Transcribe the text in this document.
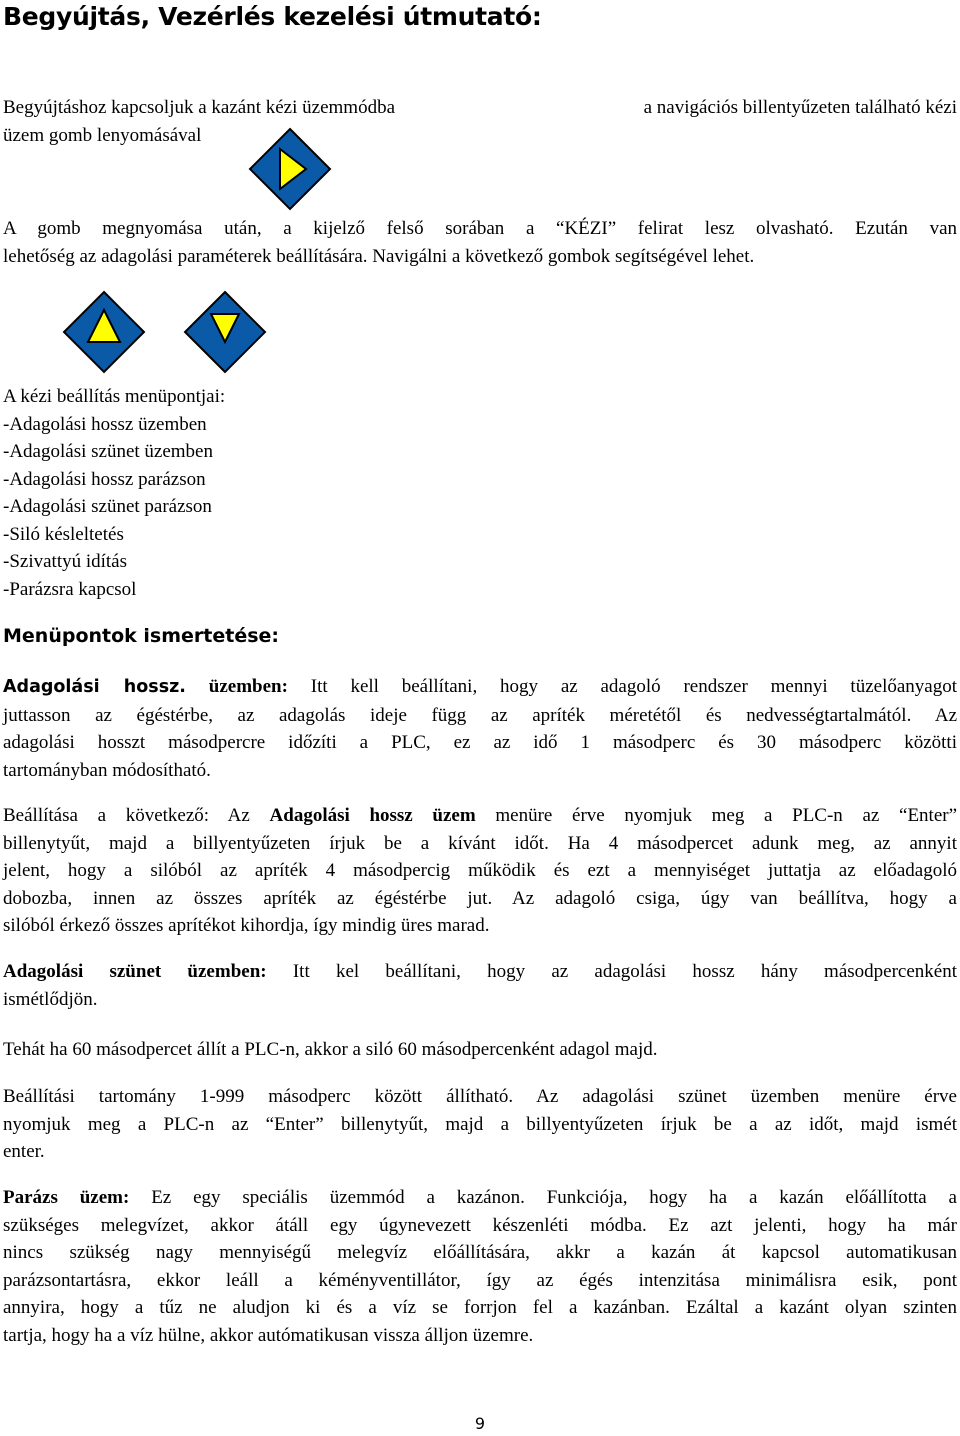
Begyújtás, Vezérlés kezelési útmutató:
Begyújtáshoz kapcsoljuk a kazánt kézi üzemmódba	a navigációs billentyűzeten található kézi
üzem gomb lenyomásával
A gomb megnyomása után, a kijelző felső sorában a “KÉZI” felirat lesz olvasható. Ezután van
lehetőség az adagolási paraméterek beállítására. Navigálni a következő gombok segítségével lehet.
A kézi beállítás menüpontjai:
-Adagolási hossz üzemben
-Adagolási szünet üzemben
-Adagolási hossz parázson
-Adagolási szünet parázson
-Siló késleltetés
-Szivattyú idítás
-Parázsra kapcsol
Menüpontok ismertetése:
Adagolási hossz. üzemben: Itt kell beállítani, hogy az adagoló rendszer mennyi tüzelőanyagot
juttasson az égéstérbe, az adagolás ideje függ az apríték méretétől és nedvességtartalmától. Az
adagolási hosszt másodpercre időzíti a PLC, ez az idő 1 másodperc és 30 másodperc közötti
tartományban módosítható.
Beállítása a következő: Az Adagolási hossz üzem menüre érve nyomjuk meg a PLC-n az “Enter”
billenytyűt, majd a billyentyűzeten írjuk be a kívánt időt. Ha 4 másodpercet adunk meg, az annyit
jelent, hogy a silóból az apríték 4 másodpercig működik és ezt a mennyiséget juttatja az előadagoló
dobozba, innen az összes apríték az égéstérbe jut. Az adagoló csiga, úgy van beállítva, hogy a
silóból érkező összes aprítékot kihordja, így mindig üres marad.
Adagolási szünet üzemben: Itt kel beállítani, hogy az adagolási hossz hány másodpercenként
ismétlődjön.
Tehát ha 60 másodpercet állít a PLC-n, akkor a siló 60 másodpercenként adagol majd.
Beállítási tartomány 1-999 másodperc között állítható. Az adagolási szünet üzemben menüre érve
nyomjuk meg a PLC-n az “Enter” billenytyűt, majd a billyentyűzeten írjuk be a az időt, majd ismét
enter.
Parázs üzem: Ez egy speciális üzemmód a kazánon. Funkciója, hogy ha a kazán előállította a
szükséges melegvízet, akkor átáll egy úgynevezett készenléti módba. Ez azt jelenti, hogy ha már
nincs szükség nagy mennyiségű melegvíz előállítására, akkr a kazán át kapcsol automatikusan
parázsontartásra, ekkor leáll a kéményventillátor, így az égés intenzitása minimálisra esik, pont
annyira, hogy a tűz ne aludjon ki és a víz se forrjon fel a kazánban. Ezáltal a kazánt olyan szinten
tartja, hogy ha a víz hülne, akkor autómatikusan vissza álljon üzemre.
9
